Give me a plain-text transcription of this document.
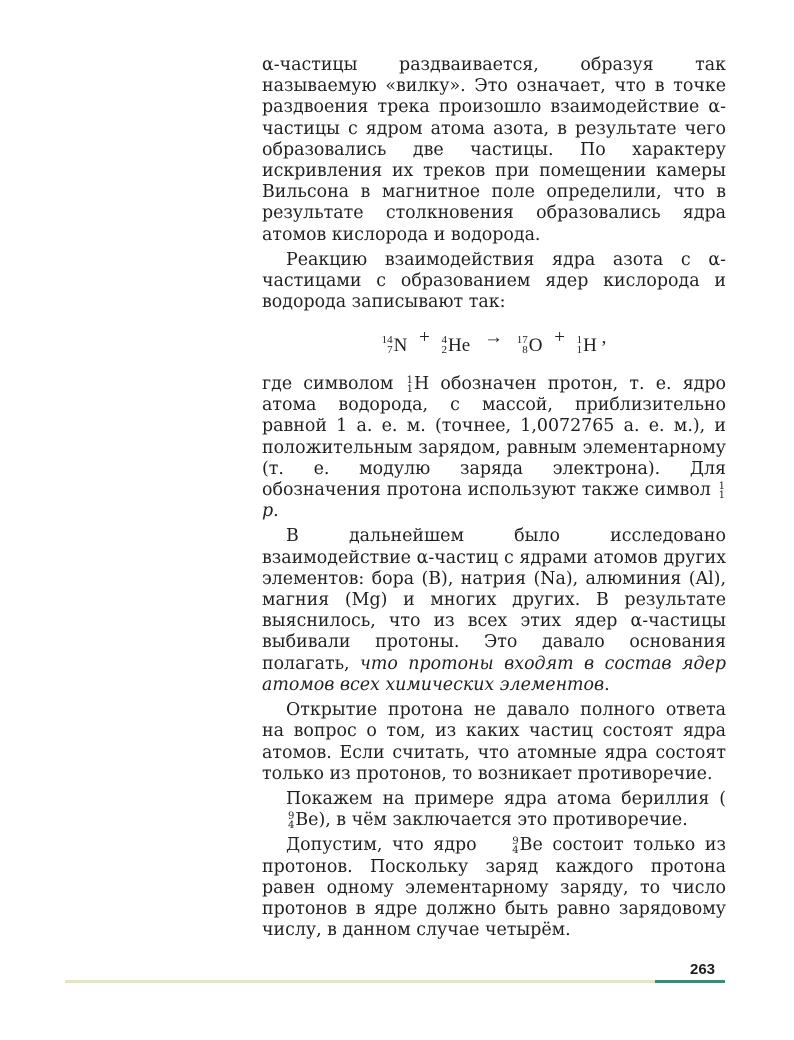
α-частицы раздваивается, образуя так называемую «вилку». Это означает, что в точке раздвоения трека произошло взаимодействие α-частицы с ядром атома азота, в результате чего образовались две частицы. По характеру искривления их треков при помещении камеры Вильсона в магнитное поле определили, что в результате столкновения образовались ядра атомов кислорода и водорода.

Реакцию взаимодействия ядра азота с α-частицами с образованием ядер кислорода и водорода записывают так:

14
7 N + 4
2 He → 17
8 O + 1
1 H ,

где символом 1
1 H обозначен протон, т. е. ядро атома водорода, с массой, приблизительно равной 1 а. е. м. (точнее, 1,0072765 а. е. м.), и положительным зарядом, равным элементарному (т. е. модулю заряда электрона). Для обозначения протона используют также символ 1
1
p.

В дальнейшем было исследовано взаимодействие α-частиц с ядрами атомов других элементов: бора (B), натрия (Na), алюминия (Al), магния (Mg) и многих других. В результате выяснилось, что из всех этих ядер α-частицы выбивали протоны. Это давало основания полагать, что протоны входят в состав ядер атомов всех химических элементов.

Открытие протона не давало полного ответа на вопрос о том, из каких частиц состоят ядра атомов. Если считать, что атомные ядра состоят только из протонов, то возникает противоречие.

Покажем на примере ядра атома бериллия (
9
4 Be), в чём заключается это противоречие.

Допустим, что ядро	9
4 Be состоит только из протонов. Поскольку заряд каждого протона равен одному элементарному заряду, то число протонов в ядре должно быть равно зарядовому числу, в данном случае четырём.

263
